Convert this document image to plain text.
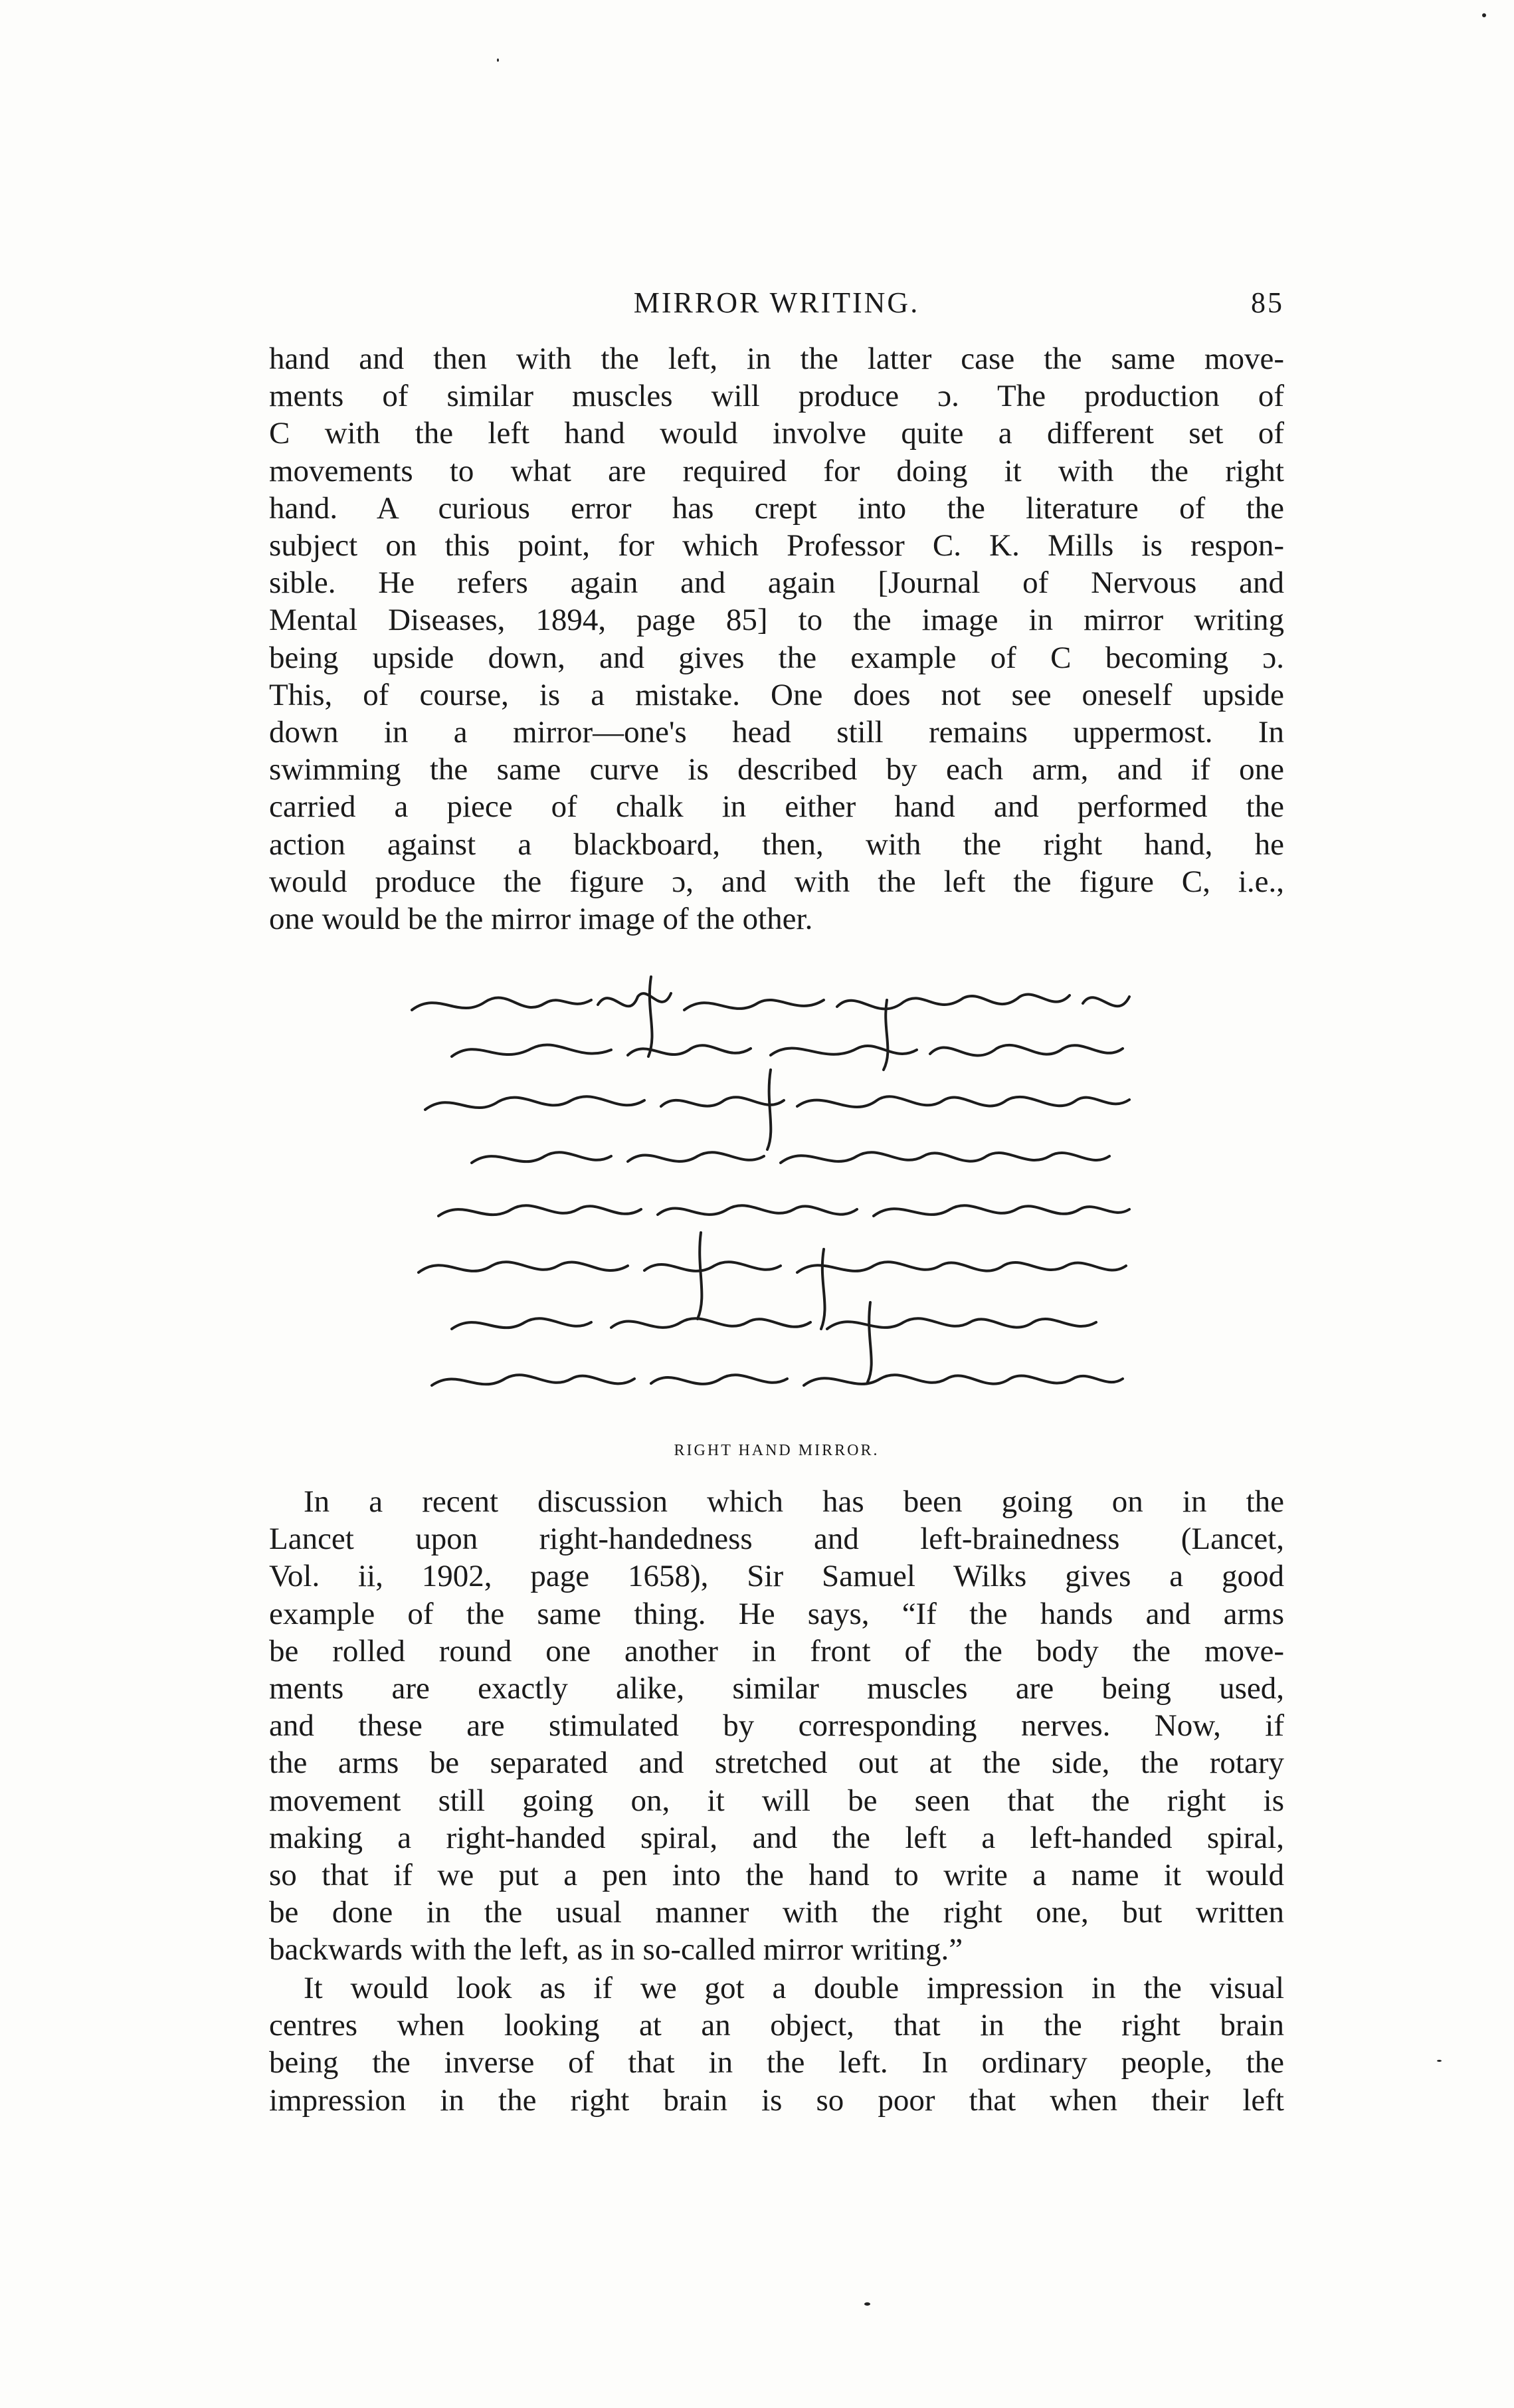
MIRROR WRITING.	85

hand and then with the left, in the latter case the same move-
ments of similar muscles will produce ɔ. The production of
C with the left hand would involve quite a different set of
movements to what are required for doing it with the right
hand. A curious error has crept into the literature of the
subject on this point, for which Professor C. K. Mills is respon-
sible. He refers again and again [Journal of Nervous and
Mental Diseases, 1894, page 85] to the image in mirror writing
being upside down, and gives the example of C becoming ɔ.
This, of course, is a mistake. One does not see oneself upside
down in a mirror—one's head still remains uppermost. In
swimming the same curve is described by each arm, and if one
carried a piece of chalk in either hand and performed the
action against a blackboard, then, with the right hand, he
would produce the figure ɔ, and with the left the figure C, i.e.,
one would be the mirror image of the other.

RIGHT HAND MIRROR.

In a recent discussion which has been going on in the
Lancet upon right-handedness and left-brainedness (Lancet,
Vol. ii, 1902, page 1658), Sir Samuel Wilks gives a good
example of the same thing. He says, “If the hands and arms
be rolled round one another in front of the body the move-
ments are exactly alike, similar muscles are being used,
and these are stimulated by corresponding nerves. Now, if
the arms be separated and stretched out at the side, the rotary
movement still going on, it will be seen that the right is
making a right-handed spiral, and the left a left-handed spiral,
so that if we put a pen into the hand to write a name it would
be done in the usual manner with the right one, but written
backwards with the left, as in so-called mirror writing.”

It would look as if we got a double impression in the visual
centres when looking at an object, that in the right brain
being the inverse of that in the left. In ordinary people, the
impression in the right brain is so poor that when their left
